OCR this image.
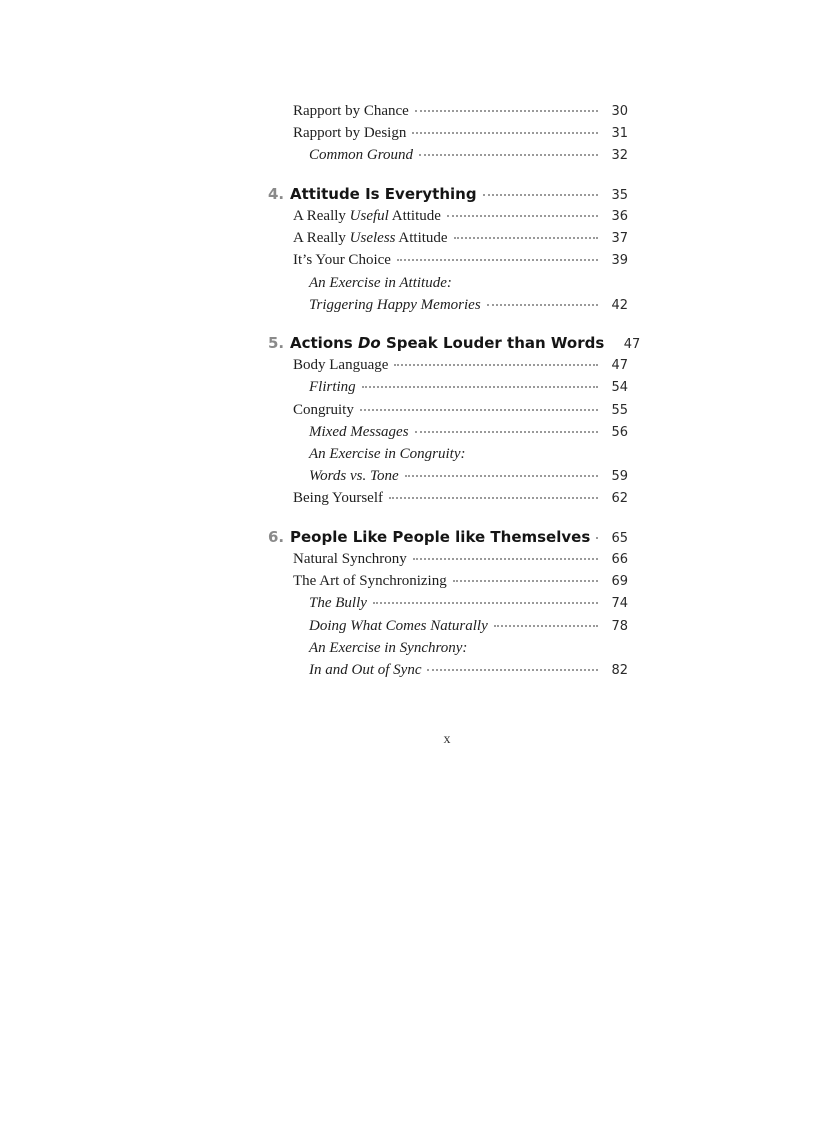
Rapport by Chance	30
Rapport by Design	31
Common Ground	32
4. Attitude Is Everything	35
A Really Useful Attitude	36
A Really Useless Attitude	37
It’s Your Choice	39
An Exercise in Attitude:
Triggering Happy Memories	42
5. Actions Do Speak Louder than Words	47
Body Language	47
Flirting	54
Congruity	55
Mixed Messages	56
An Exercise in Congruity:
Words vs. Tone	59
Being Yourself	62
6. People Like People like Themselves	65
Natural Synchrony	66
The Art of Synchronizing	69
The Bully	74
Doing What Comes Naturally	78
An Exercise in Synchrony:
In and Out of Sync	82
x
